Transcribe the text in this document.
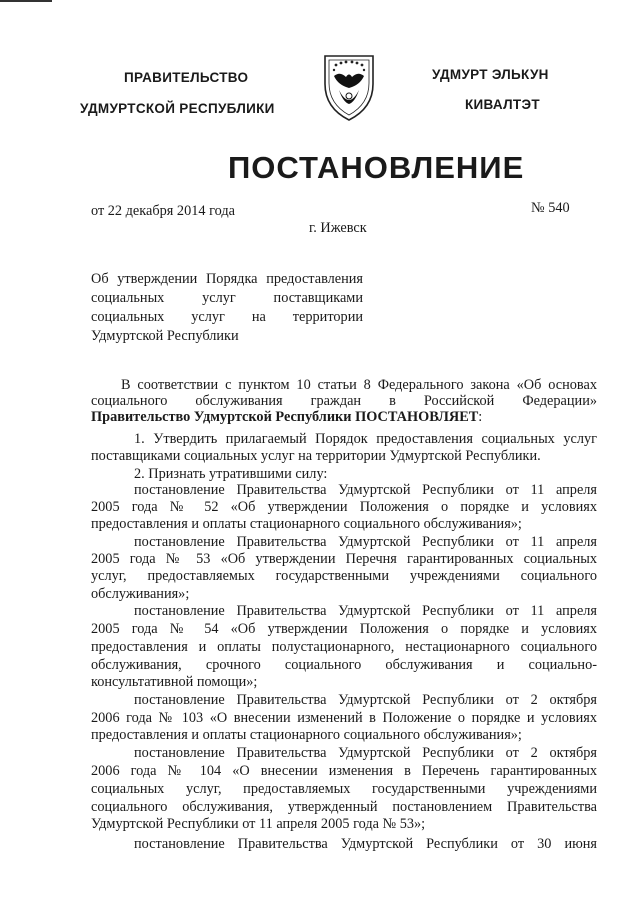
ПРАВИТЕЛЬСТВО
УДМУРТСКОЙ РЕСПУБЛИКИ
УДМУРТ ЭЛЬКУН
КИВАЛТЭТ
ПОСТАНОВЛЕНИЕ
от 22 декабря 2014 года	№ 540
г. Ижевск
Об утверждении Порядка предоставления
социальных услуг поставщиками
социальных услуг на территории
Удмуртской Республики
В соответствии с пунктом 10 статьи 8 Федерального закона «Об основах
социального обслуживания граждан в Российской Федерации»
Правительство Удмуртской Республики ПОСТАНОВЛЯЕТ:
1. Утвердить прилагаемый Порядок предоставления социальных услуг
поставщиками социальных услуг на территории Удмуртской Республики.
2. Признать утратившими силу:
постановление Правительства Удмуртской Республики от 11 апреля
2005 года № 52 «Об утверждении Положения о порядке и условиях
предоставления и оплаты стационарного социального обслуживания»;
постановление Правительства Удмуртской Республики от 11 апреля
2005 года № 53 «Об утверждении Перечня гарантированных социальных
услуг, предоставляемых государственными учреждениями социального
обслуживания»;
постановление Правительства Удмуртской Республики от 11 апреля
2005 года № 54 «Об утверждении Положения о порядке и условиях
предоставления и оплаты полустационарного, нестационарного социального
обслуживания, срочного социального обслуживания и социально-
консультативной помощи»;
постановление Правительства Удмуртской Республики от 2 октября
2006 года № 103 «О внесении изменений в Положение о порядке и условиях
предоставления и оплаты стационарного социального обслуживания»;
постановление Правительства Удмуртской Республики от 2 октября
2006 года № 104 «О внесении изменения в Перечень гарантированных
социальных услуг, предоставляемых государственными учреждениями
социального обслуживания, утвержденный постановлением Правительства
Удмуртской Республики от 11 апреля 2005 года № 53»;
постановление Правительства Удмуртской Республики от 30 июня
